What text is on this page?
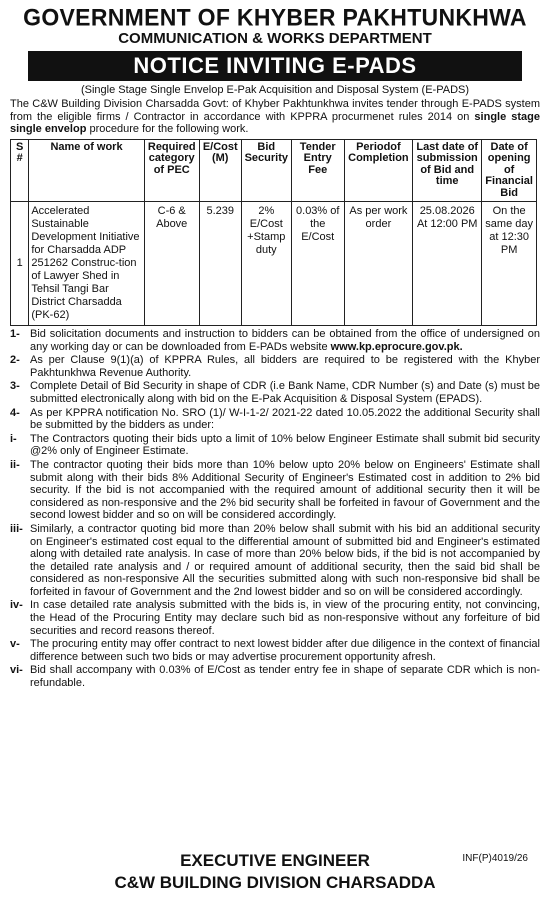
GOVERNMENT OF KHYBER PAKHTUNKHWA
COMMUNICATION & WORKS DEPARTMENT
NOTICE INVITING E-PADS
(Single Stage Single Envelop E-Pak Acquisition and Disposal System (E-PADS)
The C&W Building Division Charsadda Govt: of Khyber Pakhtunkhwa invites tender through E-PADS system from the eligible firms / Contractor in accordance with KPPRA procurmenet rules 2014 on single stage single envelop procedure for the following work.
S #	Name of work	Required category of PEC	E/Cost (M)	Bid Security	Tender Entry Fee	Periodof Completion	Last date of submission of Bid and time	Date of opening of Financial Bid
1	Accelerated Sustainable Development Initiative for Charsadda ADP 251262 Construc-tion of Lawyer Shed in Tehsil Tangi Bar District Charsadda (PK-62)	C-6 & Above	5.239	2% E/Cost +Stamp duty	0.03% of the E/Cost	As per work order	25.08.2026 At 12:00 PM	On the same day at 12:30 PM
1- Bid solicitation documents and instruction to bidders can be obtained from the office of undersigned on any working day or can be downloaded from E-PADs website www.kp.eprocure.gov.pk.
2- As per Clause 9(1)(a) of KPPRA Rules, all bidders are required to be registered with the Khyber Pakhtunkhwa Revenue Authority.
3- Complete Detail of Bid Security in shape of CDR (i.e Bank Name, CDR Number (s) and Date (s) must be submitted electronically along with bid on the E-Pak Acquisition & Disposal System (EPADS).
4- As per KPPRA notification No. SRO (1)/ W-I-1-2/ 2021-22 dated 10.05.2022 the additional Security shall be submitted by the bidders as under:
i-	The Contractors quoting their bids upto a limit of 10% below Engineer Estimate shall submit bid security @2% only of Engineer Estimate.
ii- The contractor quoting their bids more than 10% below upto 20% below on Engineers' Estimate shall submit along with their bids 8% Additional Security of Engineer's Estimated cost in addition to 2% bid security. If the bid is not accompanied with the required amount of additional security then it will be considered as non-responsive and the 2% bid security shall be forfeited in favour of Government and the second lowest bidder and so on will be considered accordingly.
iii- Similarly, a contractor quoting bid more than 20% below shall submit with his bid an additional security on Engineer's estimated cost equal to the differential amount of submitted bid and Engineer's estimated along with detailed rate analysis. In case of more than 20% below bids, if the bid is not accompanied by the detailed rate analysis and / or required amount of additional security, then the said bid shall be considered as non-responsive All the securities submitted along with such non-responsive bid shall be forfeited in favour of Government and the 2nd lowest bidder and so on will be considered accordingly.
iv- In case detailed rate analysis submitted with the bids is, in view of the procuring entity, not convincing, the Head of the Procuring Entity may declare such bid as non-responsive without any forfeiture of bid securities and record reasons thereof.
v- The procuring entity may offer contract to next lowest bidder after due diligence in the context of financial difference between such two bids or may advertise procurement opportunity afresh.
vi- Bid shall accompany with 0.03% of E/Cost as tender entry fee in shape of separate CDR which is non-refundable.
EXECUTIVE ENGINEER	INF(P)4019/26
C&W BUILDING DIVISION CHARSADDA
